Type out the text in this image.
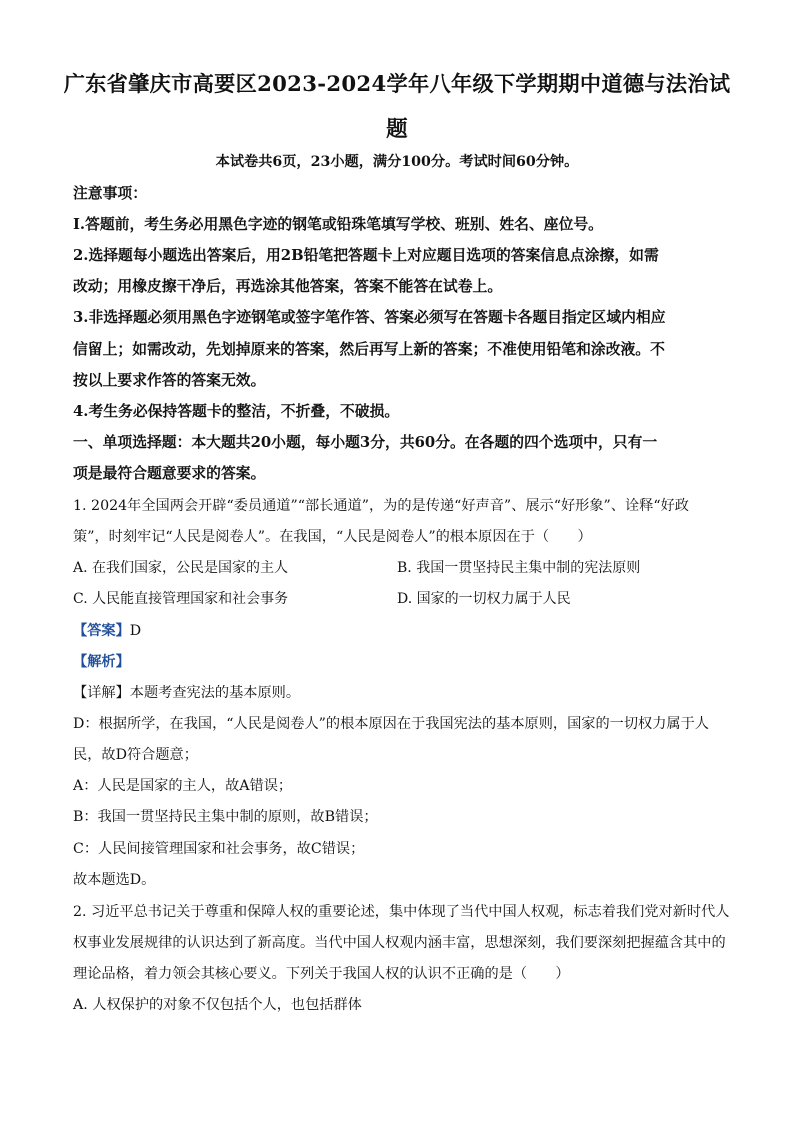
广东省肇庆市高要区2023-2024学年八年级下学期期中道德与法治试
题
本试卷共6页，23小题，满分100分。考试时间60分钟。
注意事项：
I.答题前，考生务必用黑色字迹的钢笔或铅珠笔填写学校、班别、姓名、座位号。
2.选择题每小题选出答案后，用2B铅笔把答题卡上对应题目选项的答案信息点涂擦，如需
改动；用橡皮擦干净后，再选涂其他答案，答案不能答在试卷上。
3.非选择题必须用黑色字迹钢笔或签字笔作答、答案必须写在答题卡各题目指定区域内相应
信留上；如需改动，先划掉原来的答案，然后再写上新的答案；不准使用铅笔和涂改液。不
按以上要求作答的答案无效。
4.考生务必保持答题卡的整洁，不折叠，不破损。
一、单项选择题：本大题共20小题，每小题3分，共60分。在各题的四个选项中，只有一
项是最符合题意要求的答案。
1. 2024年全国两会开辟“委员通道”“部长通道”，为的是传递“好声音”、展示“好形象”、诠释“好政
策”，时刻牢记“人民是阅卷人”。在我国，“人民是阅卷人”的根本原因在于（　　）
A. 在我们国家，公民是国家的主人	B. 我国一贯坚持民主集中制的宪法原则
C. 人民能直接管理国家和社会事务	D. 国家的一切权力属于人民
【答案】D
【解析】
【详解】本题考查宪法的基本原则。
D：根据所学，在我国，“人民是阅卷人”的根本原因在于我国宪法的基本原则，国家的一切权力属于人
民，故D符合题意；
A：人民是国家的主人，故A错误；
B：我国一贯坚持民主集中制的原则，故B错误；
C：人民间接管理国家和社会事务，故C错误；
故本题选D。
2. 习近平总书记关于尊重和保障人权的重要论述，集中体现了当代中国人权观，标志着我们党对新时代人
权事业发展规律的认识达到了新高度。当代中国人权观内涵丰富，思想深刻，我们要深刻把握蕴含其中的
理论品格，着力领会其核心要义。下列关于我国人权的认识不正确的是（　　）
A. 人权保护的对象不仅包括个人，也包括群体
